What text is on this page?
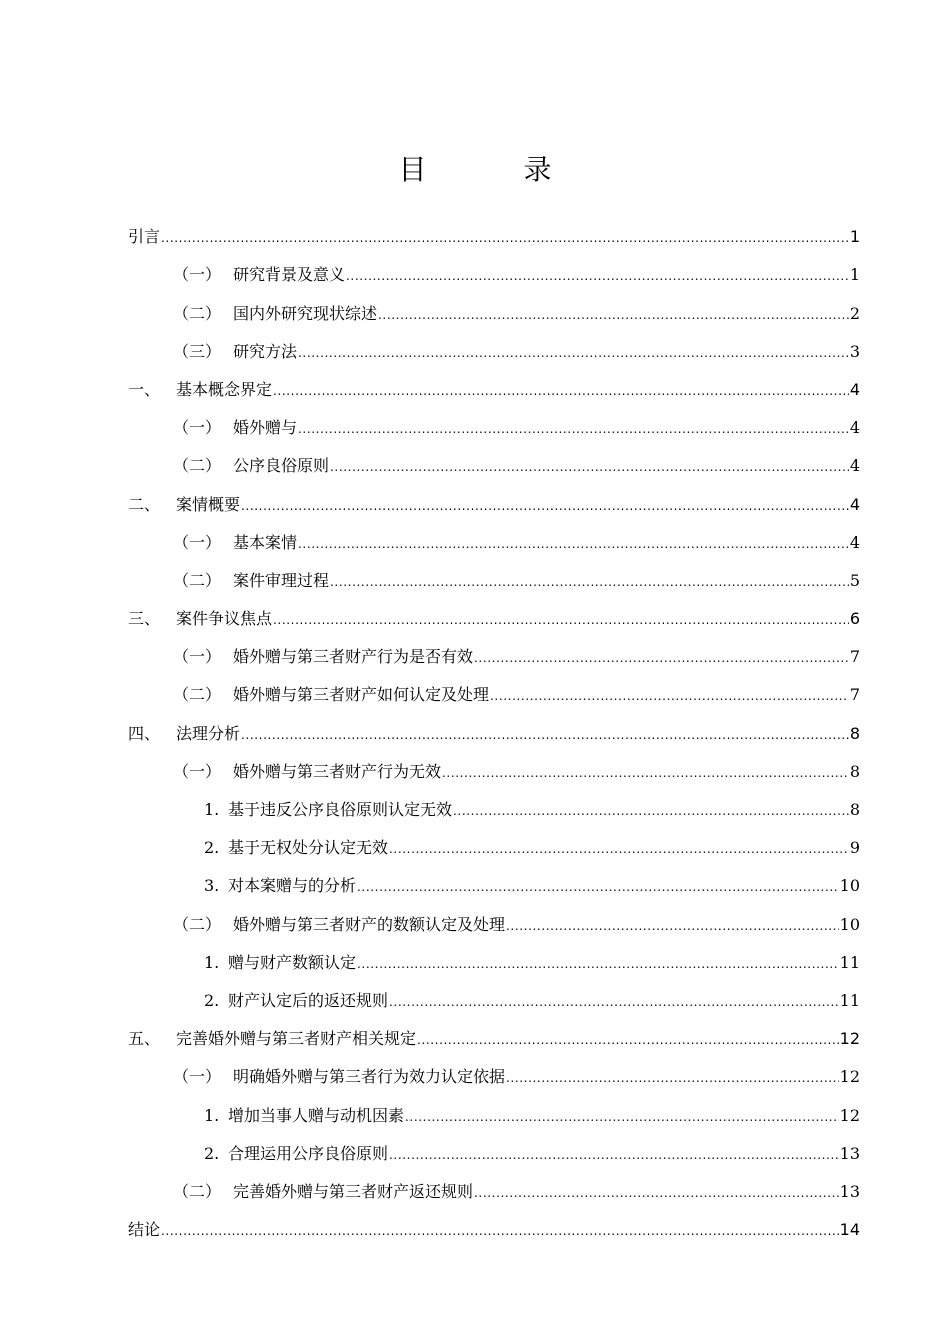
目 录
引言 .....	1
（一） 研究背景及意义 .....	1
（二） 国内外研究现状综述 .....	2
（三） 研究方法 .....	3
一、 基本概念界定 .....	4
（一） 婚外赠与 .....	4
（二） 公序良俗原则 .....	4
二、 案情概要 .....	4
（一） 基本案情 .....	4
（二） 案件审理过程 .....	5
三、 案件争议焦点 .....	6
（一） 婚外赠与第三者财产行为是否有效 .....	7
（二） 婚外赠与第三者财产如何认定及处理 .....	7
四、 法理分析 .....	8
（一） 婚外赠与第三者财产行为无效 .....	8
1. 基于违反公序良俗原则认定无效 .....	8
2. 基于无权处分认定无效 .....	9
3. 对本案赠与的分析 .....	10
（二） 婚外赠与第三者财产的数额认定及处理 .....	10
1. 赠与财产数额认定 .....	11
2. 财产认定后的返还规则 .....	11
五、 完善婚外赠与第三者财产相关规定 .....	12
（一） 明确婚外赠与第三者行为效力认定依据 .....	12
1. 增加当事人赠与动机因素 .....	12
2. 合理运用公序良俗原则 .....	13
（二） 完善婚外赠与第三者财产返还规则 .....	13
结论 .....	14
